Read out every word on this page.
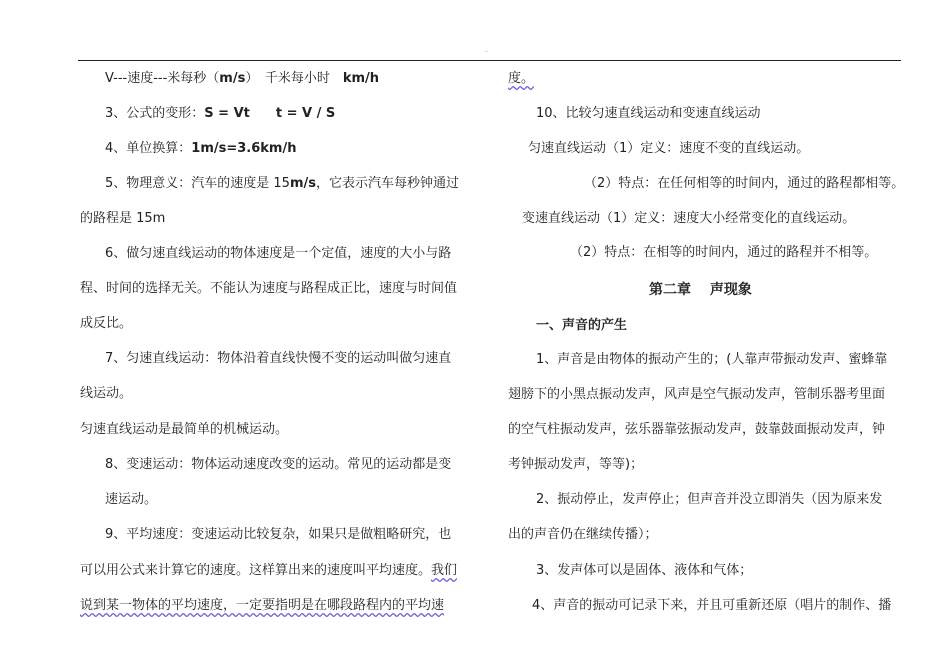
··
V---速度---米每秒（m/s）　千米每小时　km/h
3、公式的变形：S = Vt　　t = V / S
4、单位换算：1m/s=3.6km/h
5、物理意义：汽车的速度是 15m/s，它表示汽车每秒钟通过
的路程是 15m
6、做匀速直线运动的物体速度是一个定值，速度的大小与路
程、时间的选择无关。不能认为速度与路程成正比，速度与时间值
成反比。
7、匀速直线运动：物体沿着直线快慢不变的运动叫做匀速直
线运动。
匀速直线运动是最简单的机械运动。
8、变速运动：物体运动速度改变的运动。常见的运动都是变
速运动。
9、平均速度：变速运动比较复杂，如果只是做粗略研究，也
可以用公式来计算它的速度。这样算出来的速度叫平均速度。我们
说到某一物体的平均速度，一定要指明是在哪段路程内的平均速
度。
10、比较匀速直线运动和变速直线运动
匀速直线运动（1）定义：速度不变的直线运动。
（2）特点：在任何相等的时间内，通过的路程都相等。
变速直线运动（1）定义：速度大小经常变化的直线运动。
（2）特点：在相等的时间内，通过的路程并不相等。
第二章　 声现象
一、声音的产生
1、声音是由物体的振动产生的；(人靠声带振动发声、蜜蜂靠
翅膀下的小黑点振动发声，风声是空气振动发声，管制乐器考里面
的空气柱振动发声，弦乐器靠弦振动发声，鼓靠鼓面振动发声，钟
考钟振动发声，等等)；
2、振动停止，发声停止；但声音并没立即消失（因为原来发
出的声音仍在继续传播）；
3、发声体可以是固体、液体和气体；
4、声音的振动可记录下来，并且可重新还原（唱片的制作、播
